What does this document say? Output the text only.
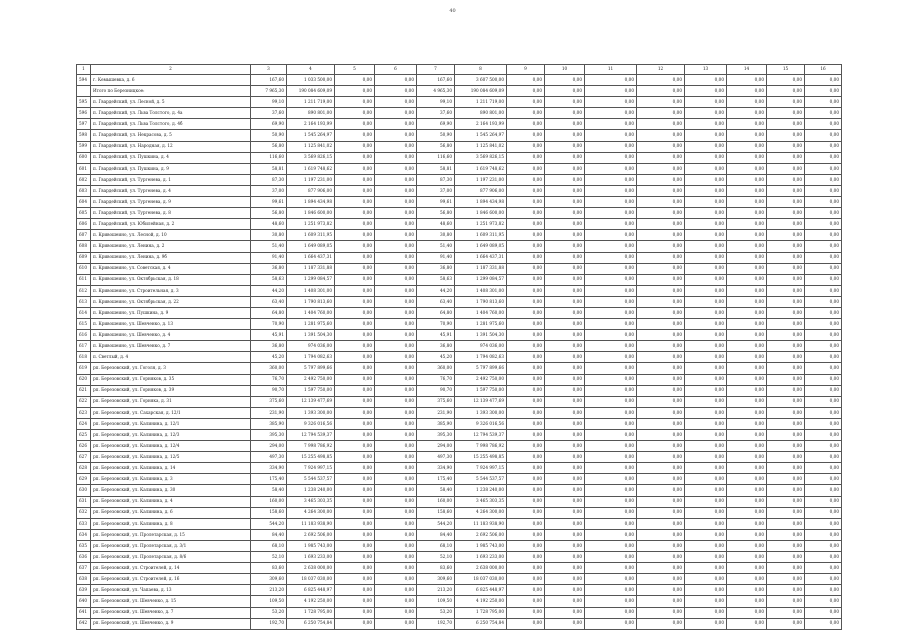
40
1	2	3	4	5	6	7	8	9	10	11	12	13	14	15	16
594	г. Кемышевка, д. 6	167,60	1 033 500,00	0,00	0,00	167,60	3 607 500,00	0,00	0,00	0,00	0,00	0,00	0,00	0,00	0,00
	Итого по Березницкое:	7 965,30	190 084 609,09	0,00	0,00	4 965,30	190 084 609,09	0,00	0,00	0,00	0,00	0,00	0,00	0,00	0,00
595	п. Гвардейский, ул. Лесной, д. 5	99,10	1 211 719,00	0,00	0,00	99,10	1 211 719,00	0,00	0,00	0,00	0,00	0,00	0,00	0,00	0,00
596	п. Гвардейский, ул. Льва Толстого, д. 4а	37,60	890 801,00	0,00	0,00	37,60	890 801,00	0,00	0,00	0,00	0,00	0,00	0,00	0,00	0,00
597	п. Гвардейский, ул. Льва Толстого, д. 4б	69,90	2 164 193,99	0,00	0,00	69,90	2 164 193,99	0,00	0,00	0,00	0,00	0,00	0,00	0,00	0,00
598	п. Гвардейский, ул. Некрасова, д. 5	50,90	1 545 264,97	0,00	0,00	50,90	1 545 264,97	0,00	0,00	0,00	0,00	0,00	0,00	0,00	0,00
599	п. Гвардейский, ул. Народная, д. 12	56,80	1 125 841,02	0,00	0,00	56,80	1 125 841,02	0,00	0,00	0,00	0,00	0,00	0,00	0,00	0,00
600	п. Гвардейский, ул. Пушкина, д. 4	116,60	3 569 826,15	0,00	0,00	116,60	3 569 826,15	0,00	0,00	0,00	0,00	0,00	0,00	0,00	0,00
601	п. Гвардейский, ул. Пушкина, д. 9	58,81	1 619 748,62	0,00	0,00	58,81	1 619 748,62	0,00	0,00	0,00	0,00	0,00	0,00	0,00	0,00
602	п. Гвардейский, ул. Тургенева, д. 1	87,30	1 197 231,00	0,00	0,00	87,30	1 197 231,00	0,00	0,00	0,00	0,00	0,00	0,00	0,00	0,00
603	п. Гвардейский, ул. Тургенева, д. 4	37,00	877 906,00	0,00	0,00	37,00	877 906,00	0,00	0,00	0,00	0,00	0,00	0,00	0,00	0,00
604	п. Гвардейский, ул. Тургенева, д. 9	99,61	1 894 434,98	0,00	0,00	99,61	1 894 434,98	0,00	0,00	0,00	0,00	0,00	0,00	0,00	0,00
605	п. Гвардейский, ул. Тургенева, д. 8	56,80	1 846 600,00	0,00	0,00	56,80	1 846 600,00	0,00	0,00	0,00	0,00	0,00	0,00	0,00	0,00
606	п. Гвардейский, ул. Юбилейная, д. 2	48,60	1 251 973,82	0,00	0,00	48,60	1 251 973,82	0,00	0,00	0,00	0,00	0,00	0,00	0,00	0,00
607	п. Кривошеино, ул. Лесной, д. 10	30,80	1 609 311,95	0,00	0,00	30,80	1 609 311,95	0,00	0,00	0,00	0,00	0,00	0,00	0,00	0,00
608	п. Кривошеино, ул. Ленина, д. 2	51,40	1 649 089,05	0,00	0,00	51,40	1 649 089,05	0,00	0,00	0,00	0,00	0,00	0,00	0,00	0,00
609	п. Кривошеино, ул. Ленина, д. 9б	91,40	1 664 437,31	0,00	0,00	91,40	1 664 437,31	0,00	0,00	0,00	0,00	0,00	0,00	0,00	0,00
610	п. Кривошеино, ул. Советская, д. 4	36,80	1 187 331,88	0,00	0,00	36,80	1 187 331,88	0,00	0,00	0,00	0,00	0,00	0,00	0,00	0,00
611	п. Кривошеино, ул. Октябрьская, д. 18	58,63	1 299 084,57	0,00	0,00	58,63	1 299 084,57	0,00	0,00	0,00	0,00	0,00	0,00	0,00	0,00
612	п. Кривошеино, ул. Строительная, д. 3	44,20	1 408 301,00	0,00	0,00	44,20	1 408 301,00	0,00	0,00	0,00	0,00	0,00	0,00	0,00	0,00
613	п. Кривошеино, ул. Октябрьская, д. 22	63,40	1 790 813,60	0,00	0,00	63,40	1 790 813,60	0,00	0,00	0,00	0,00	0,00	0,00	0,00	0,00
614	п. Кривошеино, ул. Пушкина, д. 9	64,80	1 404 760,00	0,00	0,00	64,80	1 404 760,00	0,00	0,00	0,00	0,00	0,00	0,00	0,00	0,00
615	п. Кривошеино, ул. Шевченко, д. 13	70,90	1 281 975,60	0,00	0,00	70,90	1 281 975,60	0,00	0,00	0,00	0,00	0,00	0,00	0,00	0,00
616	п. Кривошеино, ул. Шевченко, д. 4	45,91	1 391 504,30	0,00	0,00	45,91	1 391 504,30	0,00	0,00	0,00	0,00	0,00	0,00	0,00	0,00
617	п. Кривошеино, ул. Шевченко, д. 7	36,80	974 036,00	0,00	0,00	36,80	974 036,00	0,00	0,00	0,00	0,00	0,00	0,00	0,00	0,00
618	п. Светлый, д. 4	45,20	1 794 082,63	0,00	0,00	45,20	1 794 082,63	0,00	0,00	0,00	0,00	0,00	0,00	0,00	0,00
619	рп. Березовский, ул. Гоголя, д. 3	360,00	5 797 899,66	0,00	0,00	360,00	5 797 899,66	0,00	0,00	0,00	0,00	0,00	0,00	0,00	0,00
620	рп. Березовский, ул. Горняков, д. 35	76,70	2 492 750,00	0,00	0,00	76,70	2 492 750,00	0,00	0,00	0,00	0,00	0,00	0,00	0,00	0,00
621	рп. Березовский, ул. Горняков, д. 39	90,70	1 597 750,00	0,00	0,00	90,70	1 597 750,00	0,00	0,00	0,00	0,00	0,00	0,00	0,00	0,00
622	рп. Березовский, ул. Горняка, д. 31	375,60	12 139 477,69	0,00	0,00	375,60	12 139 477,69	0,00	0,00	0,00	0,00	0,00	0,00	0,00	0,00
623	рп. Березовский, ул. Сахарская, д. 12/1	231,90	1 393 300,00	0,00	0,00	231,90	1 393 300,00	0,00	0,00	0,00	0,00	0,00	0,00	0,00	0,00
624	рп. Березовский, ул. Калинина, д. 12/1	385,90	9 326 016,56	0,00	0,00	385,90	9 326 016,56	0,00	0,00	0,00	0,00	0,00	0,00	0,00	0,00
625	рп. Березовский, ул. Калинина, д. 12/3	395,30	12 794 539,37	0,00	0,00	395,30	12 794 539,37	0,00	0,00	0,00	0,00	0,00	0,00	0,00	0,00
626	рп. Березовский, ул. Калинина, д. 12/4	294,00	7 998 786,92	0,00	0,00	294,00	7 998 786,92	0,00	0,00	0,00	0,00	0,00	0,00	0,00	0,00
627	рп. Березовский, ул. Калинина, д. 12/5	497,30	15 255 498,85	0,00	0,00	497,30	15 255 498,85	0,00	0,00	0,00	0,00	0,00	0,00	0,00	0,00
628	рп. Березовский, ул. Калинина, д. 14	334,90	7 924 997,15	0,00	0,00	334,90	7 924 997,15	0,00	0,00	0,00	0,00	0,00	0,00	0,00	0,00
629	рп. Березовский, ул. Калинина, д. 3	175,40	5 544 537,57	0,00	0,00	175,40	5 544 537,57	0,00	0,00	0,00	0,00	0,00	0,00	0,00	0,00
630	рп. Березовский, ул. Калинина, д. 30	58,40	1 238 240,00	0,00	0,00	58,40	1 238 240,00	0,00	0,00	0,00	0,00	0,00	0,00	0,00	0,00
631	рп. Березовский, ул. Калинина, д. 4	160,00	3 465 303,35	0,00	0,00	160,00	3 465 303,35	0,00	0,00	0,00	0,00	0,00	0,00	0,00	0,00
632	рп. Березовский, ул. Калинина, д. 6	158,60	4 264 300,00	0,00	0,00	158,60	4 264 300,00	0,00	0,00	0,00	0,00	0,00	0,00	0,00	0,00
633	рп. Березовский, ул. Калинина, д. 8	544,20	11 183 938,90	0,00	0,00	544,20	11 183 938,90	0,00	0,00	0,00	0,00	0,00	0,00	0,00	0,00
634	рп. Березовский, ул. Пролетарская, д. 15	84,40	2 692 506,00	0,00	0,00	84,40	2 692 506,00	0,00	0,00	0,00	0,00	0,00	0,00	0,00	0,00
635	рп. Березовский, ул. Пролетарская, д. 3/1	68,10	1 985 743,00	0,00	0,00	68,10	1 985 743,00	0,00	0,00	0,00	0,00	0,00	0,00	0,00	0,00
636	рп. Березовский, ул. Пролетарская, д. 8/6	52,10	1 693 233,00	0,00	0,00	52,10	1 693 233,00	0,00	0,00	0,00	0,00	0,00	0,00	0,00	0,00
637	рп. Березовский, ул. Строителей, д. 14	83,60	2 638 000,00	0,00	0,00	83,60	2 638 000,00	0,00	0,00	0,00	0,00	0,00	0,00	0,00	0,00
638	рп. Березовский, ул. Строителей, д. 16	309,60	18 037 030,00	0,00	0,00	309,60	18 037 030,00	0,00	0,00	0,00	0,00	0,00	0,00	0,00	0,00
639	рп. Березовский, ул. Чапаева, д. 13	213,20	6 825 448,97	0,00	0,00	213,20	6 825 448,97	0,00	0,00	0,00	0,00	0,00	0,00	0,00	0,00
640	рп. Березовский, ул. Шевченко, д. 15	109,50	4 192 250,00	0,00	0,00	109,50	4 192 250,00	0,00	0,00	0,00	0,00	0,00	0,00	0,00	0,00
641	рп. Березовский, ул. Шевченко, д. 7	53,20	1 728 795,00	0,00	0,00	53,20	1 728 795,00	0,00	0,00	0,00	0,00	0,00	0,00	0,00	0,00
642	рп. Березовский, ул. Шевченко, д. 9	192,70	6 250 754,84	0,00	0,00	192,70	6 250 754,84	0,00	0,00	0,00	0,00	0,00	0,00	0,00	0,00
